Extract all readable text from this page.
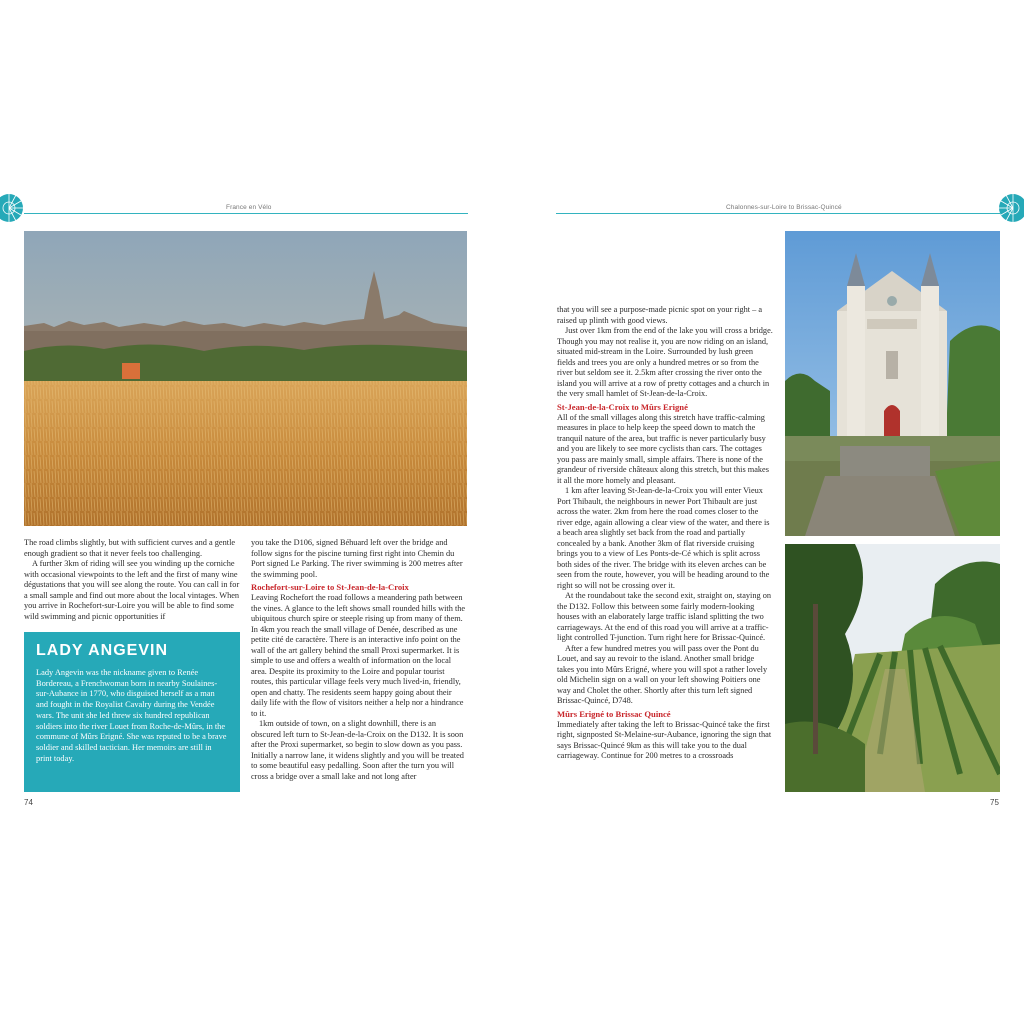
France en Vélo	Chalonnes-sur-Loire to Brissac-Quincé

The road climbs slightly, but with sufficient curves and a gentle enough gradient so that it never feels too challenging.

A further 3km of riding will see you winding up the corniche with occasional viewpoints to the left and the first of many wine dégustations that you will see along the route. You can call in for a small sample and find out more about the local vintages. When you arrive in Rochefort-sur-Loire you will be able to find some wild swimming and picnic opportunities if

LADY ANGEVIN
Lady Angevin was the nickname given to Renée Bordereau, a Frenchwoman born in nearby Soulaines-sur-Aubance in 1770, who disguised herself as a man and fought in the Royalist Cavalry during the Vendée wars. The unit she led threw six hundred republican soldiers into the river Louet from Roche-de-Mûrs, in the commune of Mûrs Erigné. She was reputed to be a brave soldier and skilled tactician. Her memoirs are still in print today.

you take the D106, signed Béhuard left over the bridge and follow signs for the piscine turning first right into Chemin du Port signed Le Parking. The river swimming is 200 metres after the swimming pool.

Rochefort-sur-Loire to St-Jean-de-la-Croix

Leaving Rochefort the road follows a meandering path between the vines. A glance to the left shows small rounded hills with the ubiquitous church spire or steeple rising up from many of them. In 4km you reach the small village of Denée, described as une petite cité de caractère. There is an interactive info point on the wall of the art gallery behind the small Proxi supermarket. It is simple to use and offers a wealth of information on the local area. Despite its proximity to the Loire and popular tourist routes, this particular village feels very much lived-in, friendly, open and chatty. The residents seem happy going about their daily life with the flow of visitors neither a help nor a hindrance to it.

1km outside of town, on a slight downhill, there is an obscured left turn to St-Jean-de-la-Croix on the D132. It is soon after the Proxi supermarket, so begin to slow down as you pass. Initially a narrow lane, it widens slightly and you will be treated to some beautiful easy pedalling. Soon after the turn you will cross a bridge over a small lake and not long after

74

that you will see a purpose-made picnic spot on your right – a raised up plinth with good views.

Just over 1km from the end of the lake you will cross a bridge. Though you may not realise it, you are now riding on an island, situated mid-stream in the Loire. Surrounded by lush green fields and trees you are only a hundred metres or so from the river but seldom see it. 2.5km after crossing the river onto the island you will arrive at a row of pretty cottages and a church in the very small hamlet of St-Jean-de-la-Croix.

St-Jean-de-la-Croix to Mûrs Erigné

All of the small villages along this stretch have traffic-calming measures in place to help keep the speed down to match the tranquil nature of the area, but traffic is never particularly busy and you are likely to see more cyclists than cars. The cottages you pass are mainly small, simple affairs. There is none of the grandeur of riverside châteaux along this stretch, but this makes it all the more homely and pleasant.

1 km after leaving St-Jean-de-la-Croix you will enter Vieux Port Thibault, the neighbours in newer Port Thibault are just across the water. 2km from here the road comes closer to the river edge, again allowing a clear view of the water, and there is a beach area slightly set back from the road and partially concealed by a bank. Another 3km of flat riverside cruising brings you to a view of Les Ponts-de-Cé which is split across both sides of the river. The bridge with its eleven arches can be seen from the route, however, you will be heading around to the right so will not be crossing over it.

At the roundabout take the second exit, straight on, staying on the D132. Follow this between some fairly modern-looking houses with an elaborately large traffic island splitting the two carriageways. At the end of this road you will arrive at a traffic- light controlled T-junction. Turn right here for Brissac-Quincé.

After a few hundred metres you will pass over the Pont du Louet, and say au revoir to the island. Another small bridge takes you into Mûrs Erigné, where you will spot a rather lovely old Michelin sign on a wall on your left showing Poitiers one way and Cholet the other. Shortly after this turn left signed Brissac-Quincé, D748.

Mûrs Erigné to Brissac Quincé

Immediately after taking the left to Brissac-Quincé take the first right, signposted St-Melaine-sur-Aubance, ignoring the sign that says Brissac-Quincé 9km as this will take you to the dual carriageway. Continue for 200 metres to a crossroads

75
